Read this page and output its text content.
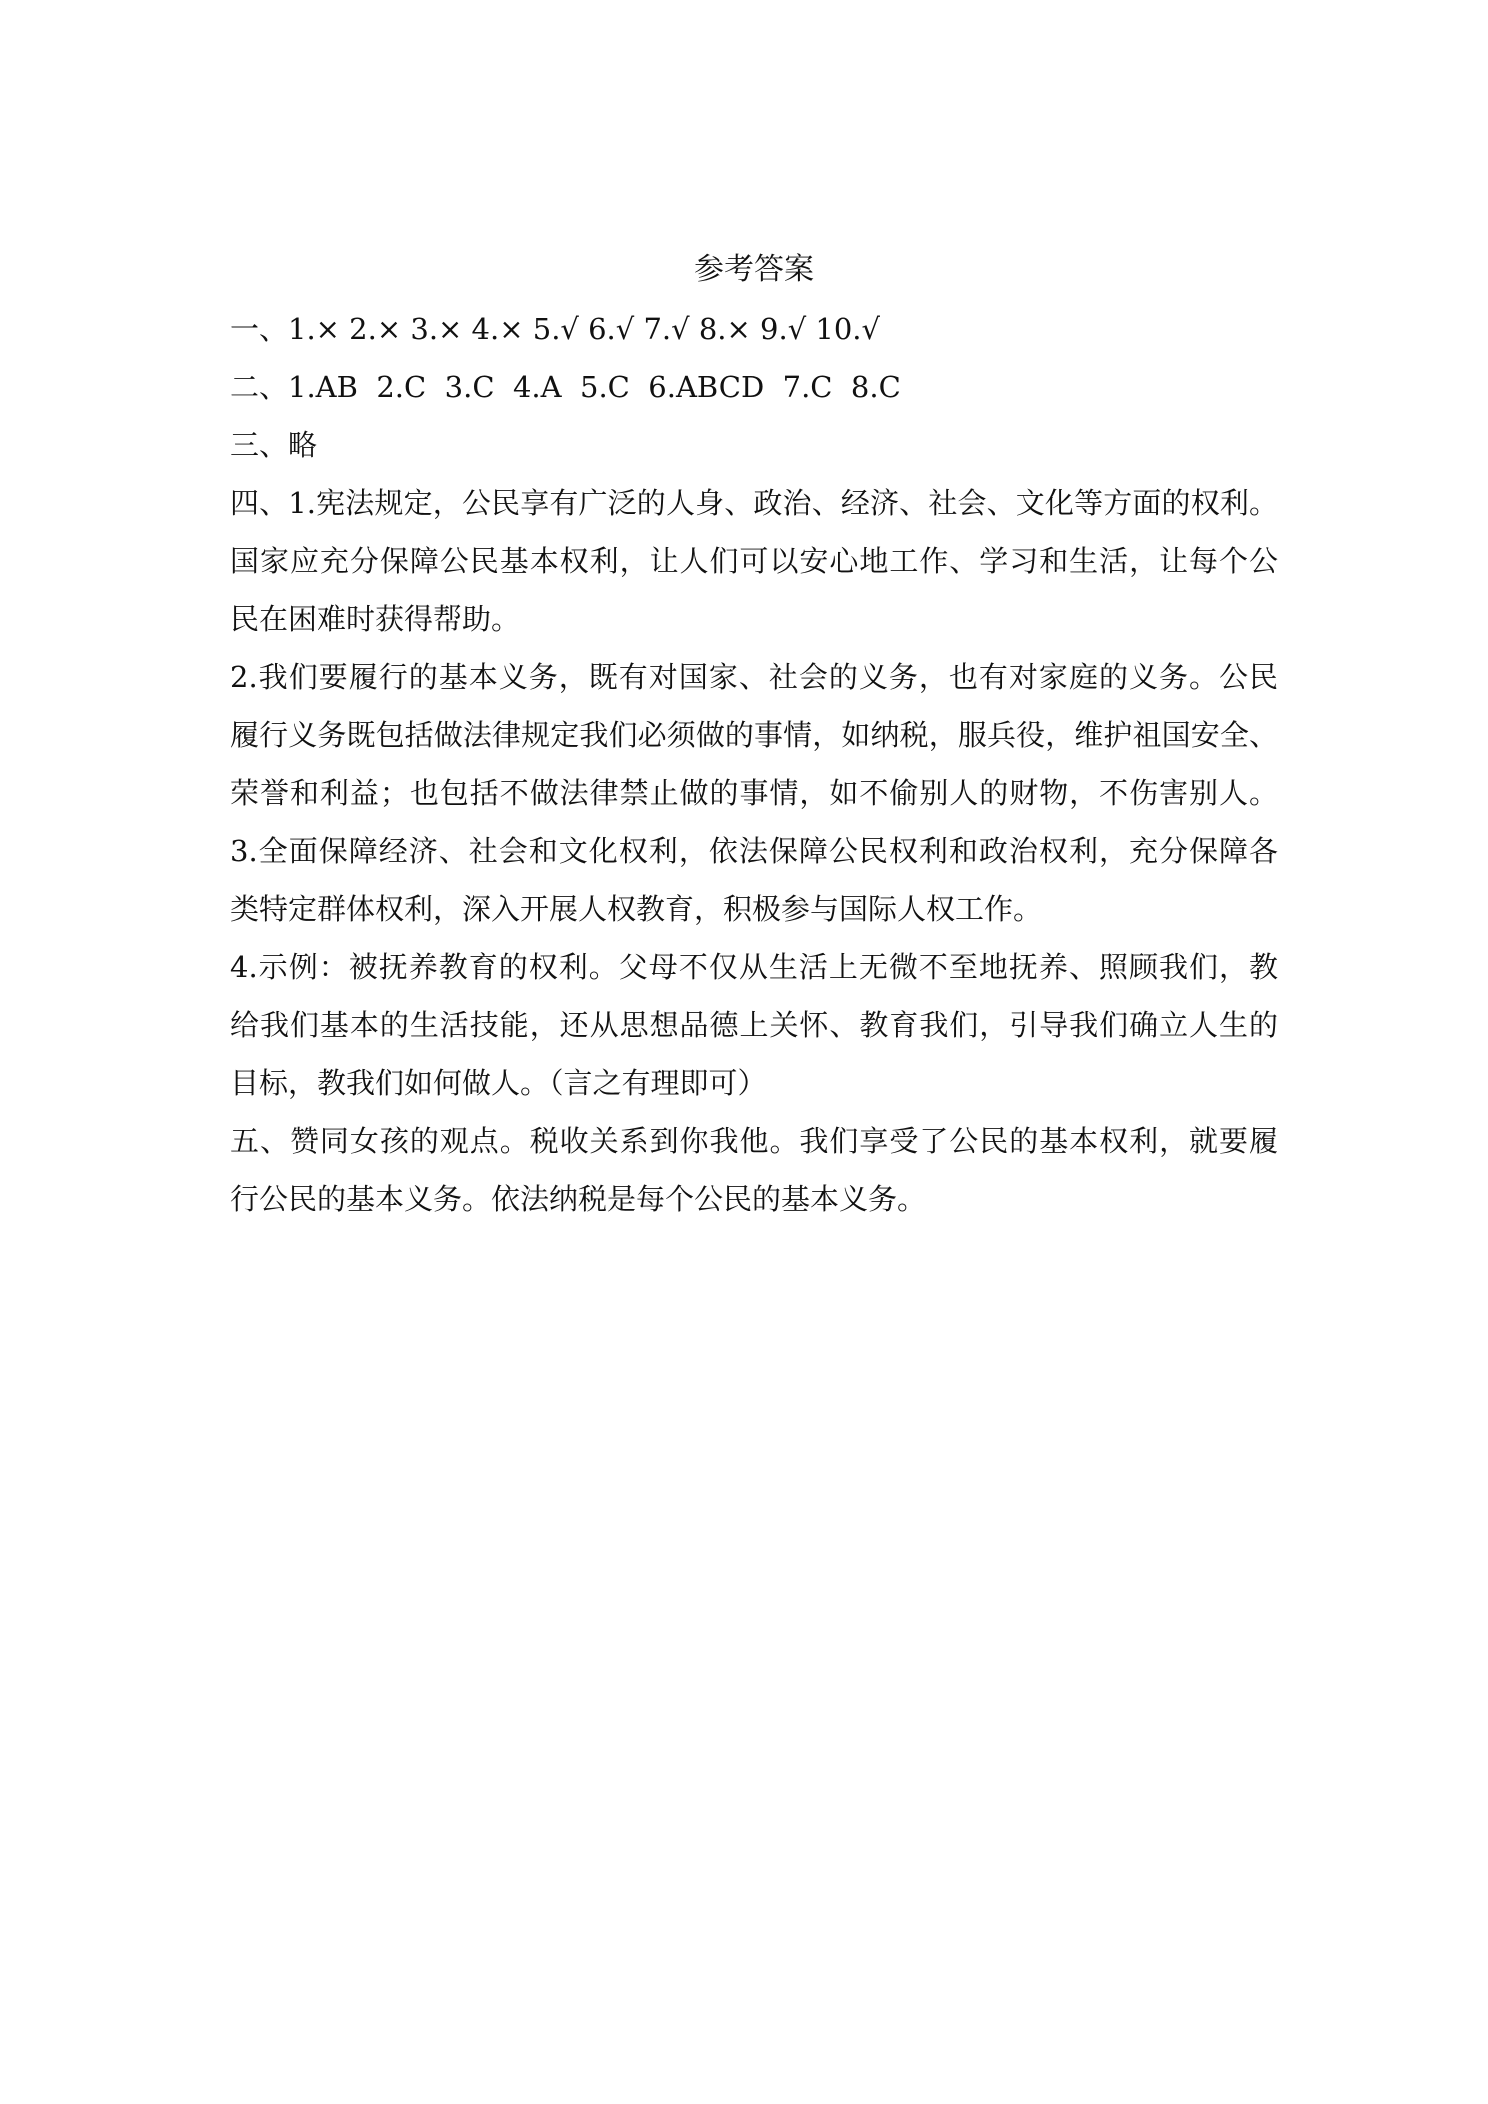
参考答案

一、1.× 2.× 3.× 4.× 5.√ 6.√ 7.√ 8.× 9.√ 10.√

二、1.AB  2.C  3.C  4.A  5.C  6.ABCD  7.C  8.C

三、略

四、1.宪法规定，公民享有广泛的人身、政治、经济、社会、文化等方面的权利。
国家应充分保障公民基本权利，让人们可以安心地工作、学习和生活，让每个公
民在困难时获得帮助。
2.我们要履行的基本义务，既有对国家、社会的义务，也有对家庭的义务。公民
履行义务既包括做法律规定我们必须做的事情，如纳税，服兵役，维护祖国安全、
荣誉和利益；也包括不做法律禁止做的事情，如不偷别人的财物，不伤害别人。
3.全面保障经济、社会和文化权利，依法保障公民权利和政治权利，充分保障各
类特定群体权利，深入开展人权教育，积极参与国际人权工作。
4.示例：被抚养教育的权利。父母不仅从生活上无微不至地抚养、照顾我们，教
给我们基本的生活技能，还从思想品德上关怀、教育我们，引导我们确立人生的
目标，教我们如何做人。（言之有理即可）
五、赞同女孩的观点。税收关系到你我他。我们享受了公民的基本权利，就要履
行公民的基本义务。依法纳税是每个公民的基本义务。
